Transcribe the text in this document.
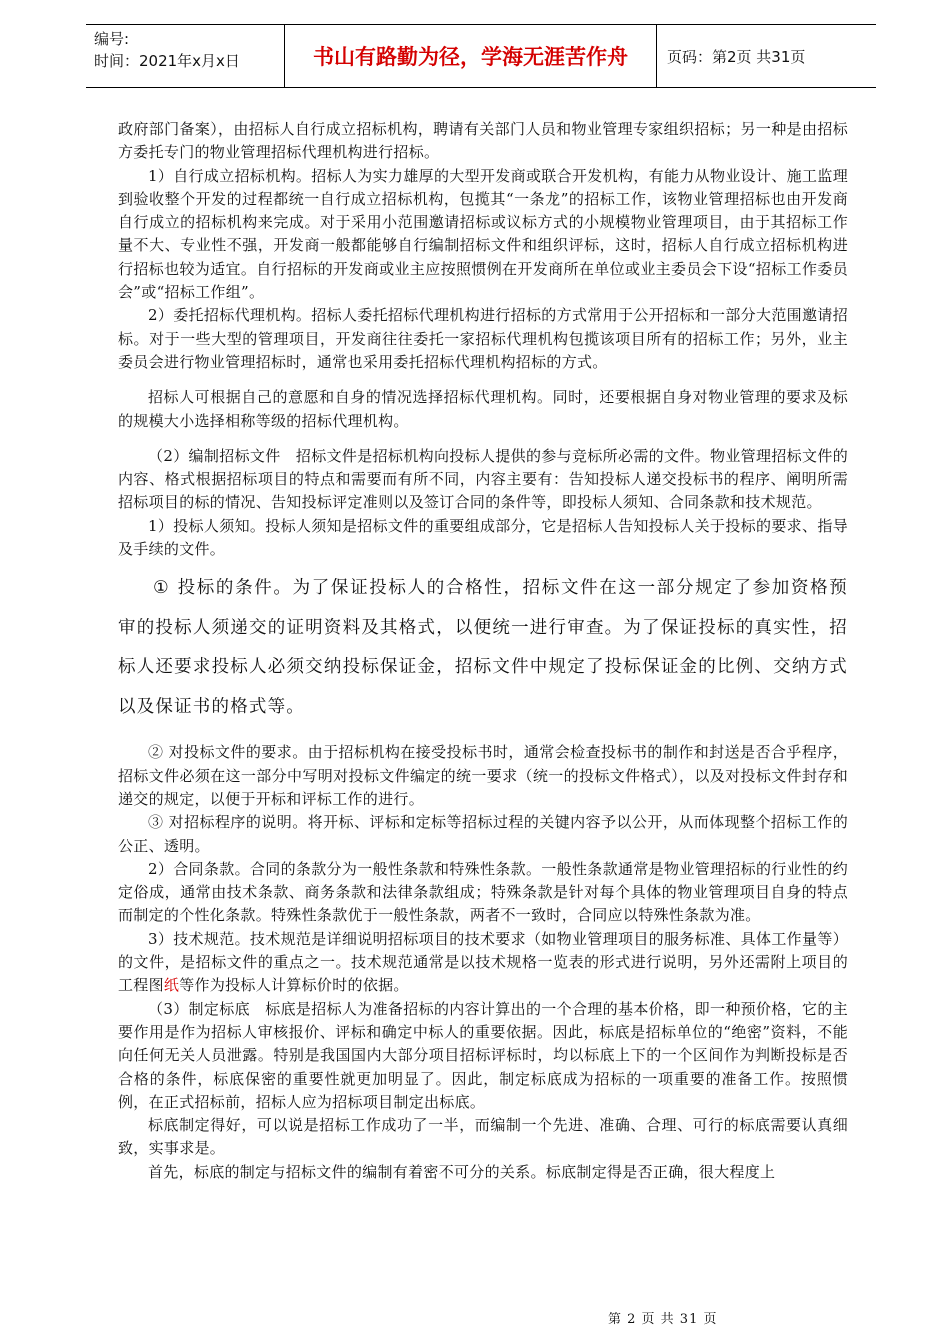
编号:
时间：2021年x月x日	书山有路勤为径，学海无涯苦作舟	页码：第2页 共31页

政府部门备案），由招标人自行成立招标机构，聘请有关部门人员和物业管理专家组织招标；另一种是由招标方委托专门的物业管理招标代理机构进行招标。

1）自行成立招标机构。招标人为实力雄厚的大型开发商或联合开发机构，有能力从物业设计、施工监理到验收整个开发的过程都统一自行成立招标机构，包揽其“一条龙”的招标工作，该物业管理招标也由开发商自行成立的招标机构来完成。对于采用小范围邀请招标或议标方式的小规模物业管理项目，由于其招标工作量不大、专业性不强，开发商一般都能够自行编制招标文件和组织评标，这时，招标人自行成立招标机构进行招标也较为适宜。自行招标的开发商或业主应按照惯例在开发商所在单位或业主委员会下设“招标工作委员会”或“招标工作组”。

2）委托招标代理机构。招标人委托招标代理机构进行招标的方式常用于公开招标和一部分大范围邀请招标。对于一些大型的管理项目，开发商往往委托一家招标代理机构包揽该项目所有的招标工作；另外，业主委员会进行物业管理招标时，通常也采用委托招标代理机构招标的方式。

招标人可根据自己的意愿和自身的情况选择招标代理机构。同时，还要根据自身对物业管理的要求及标的规模大小选择相称等级的招标代理机构。

（2）编制招标文件　招标文件是招标机构向投标人提供的参与竞标所必需的文件。物业管理招标文件的内容、格式根据招标项目的特点和需要而有所不同，内容主要有：告知投标人递交投标书的程序、阐明所需招标项目的标的情况、告知投标评定准则以及签订合同的条件等，即投标人须知、合同条款和技术规范。

1）投标人须知。投标人须知是招标文件的重要组成部分，它是招标人告知投标人关于投标的要求、指导及手续的文件。

① 投标的条件。为了保证投标人的合格性，招标文件在这一部分规定了参加资格预审的投标人须递交的证明资料及其格式，以便统一进行审查。为了保证投标的真实性，招标人还要求投标人必须交纳投标保证金，招标文件中规定了投标保证金的比例、交纳方式以及保证书的格式等。

② 对投标文件的要求。由于招标机构在接受投标书时，通常会检查投标书的制作和封送是否合乎程序，招标文件必须在这一部分中写明对投标文件编定的统一要求（统一的投标文件格式），以及对投标文件封存和递交的规定，以便于开标和评标工作的进行。

③ 对招标程序的说明。将开标、评标和定标等招标过程的关键内容予以公开，从而体现整个招标工作的公正、透明。

2）合同条款。合同的条款分为一般性条款和特殊性条款。一般性条款通常是物业管理招标的行业性的约定俗成，通常由技术条款、商务条款和法律条款组成；特殊条款是针对每个具体的物业管理项目自身的特点而制定的个性化条款。特殊性条款优于一般性条款，两者不一致时，合同应以特殊性条款为准。

3）技术规范。技术规范是详细说明招标项目的技术要求（如物业管理项目的服务标准、具体工作量等）的文件，是招标文件的重点之一。技术规范通常是以技术规格一览表的形式进行说明，另外还需附上项目的工程图纸等作为投标人计算标价时的依据。

（3）制定标底　标底是招标人为准备招标的内容计算出的一个合理的基本价格，即一种预价格，它的主要作用是作为招标人审核报价、评标和确定中标人的重要依据。因此，标底是招标单位的“绝密”资料，不能向任何无关人员泄露。特别是我国国内大部分项目招标评标时，均以标底上下的一个区间作为判断投标是否合格的条件，标底保密的重要性就更加明显了。因此，制定标底成为招标的一项重要的准备工作。按照惯例，在正式招标前，招标人应为招标项目制定出标底。

标底制定得好，可以说是招标工作成功了一半，而编制一个先进、准确、合理、可行的标底需要认真细致，实事求是。

首先，标底的制定与招标文件的编制有着密不可分的关系。标底制定得是否正确，很大程度上

第 2 页 共 31 页
